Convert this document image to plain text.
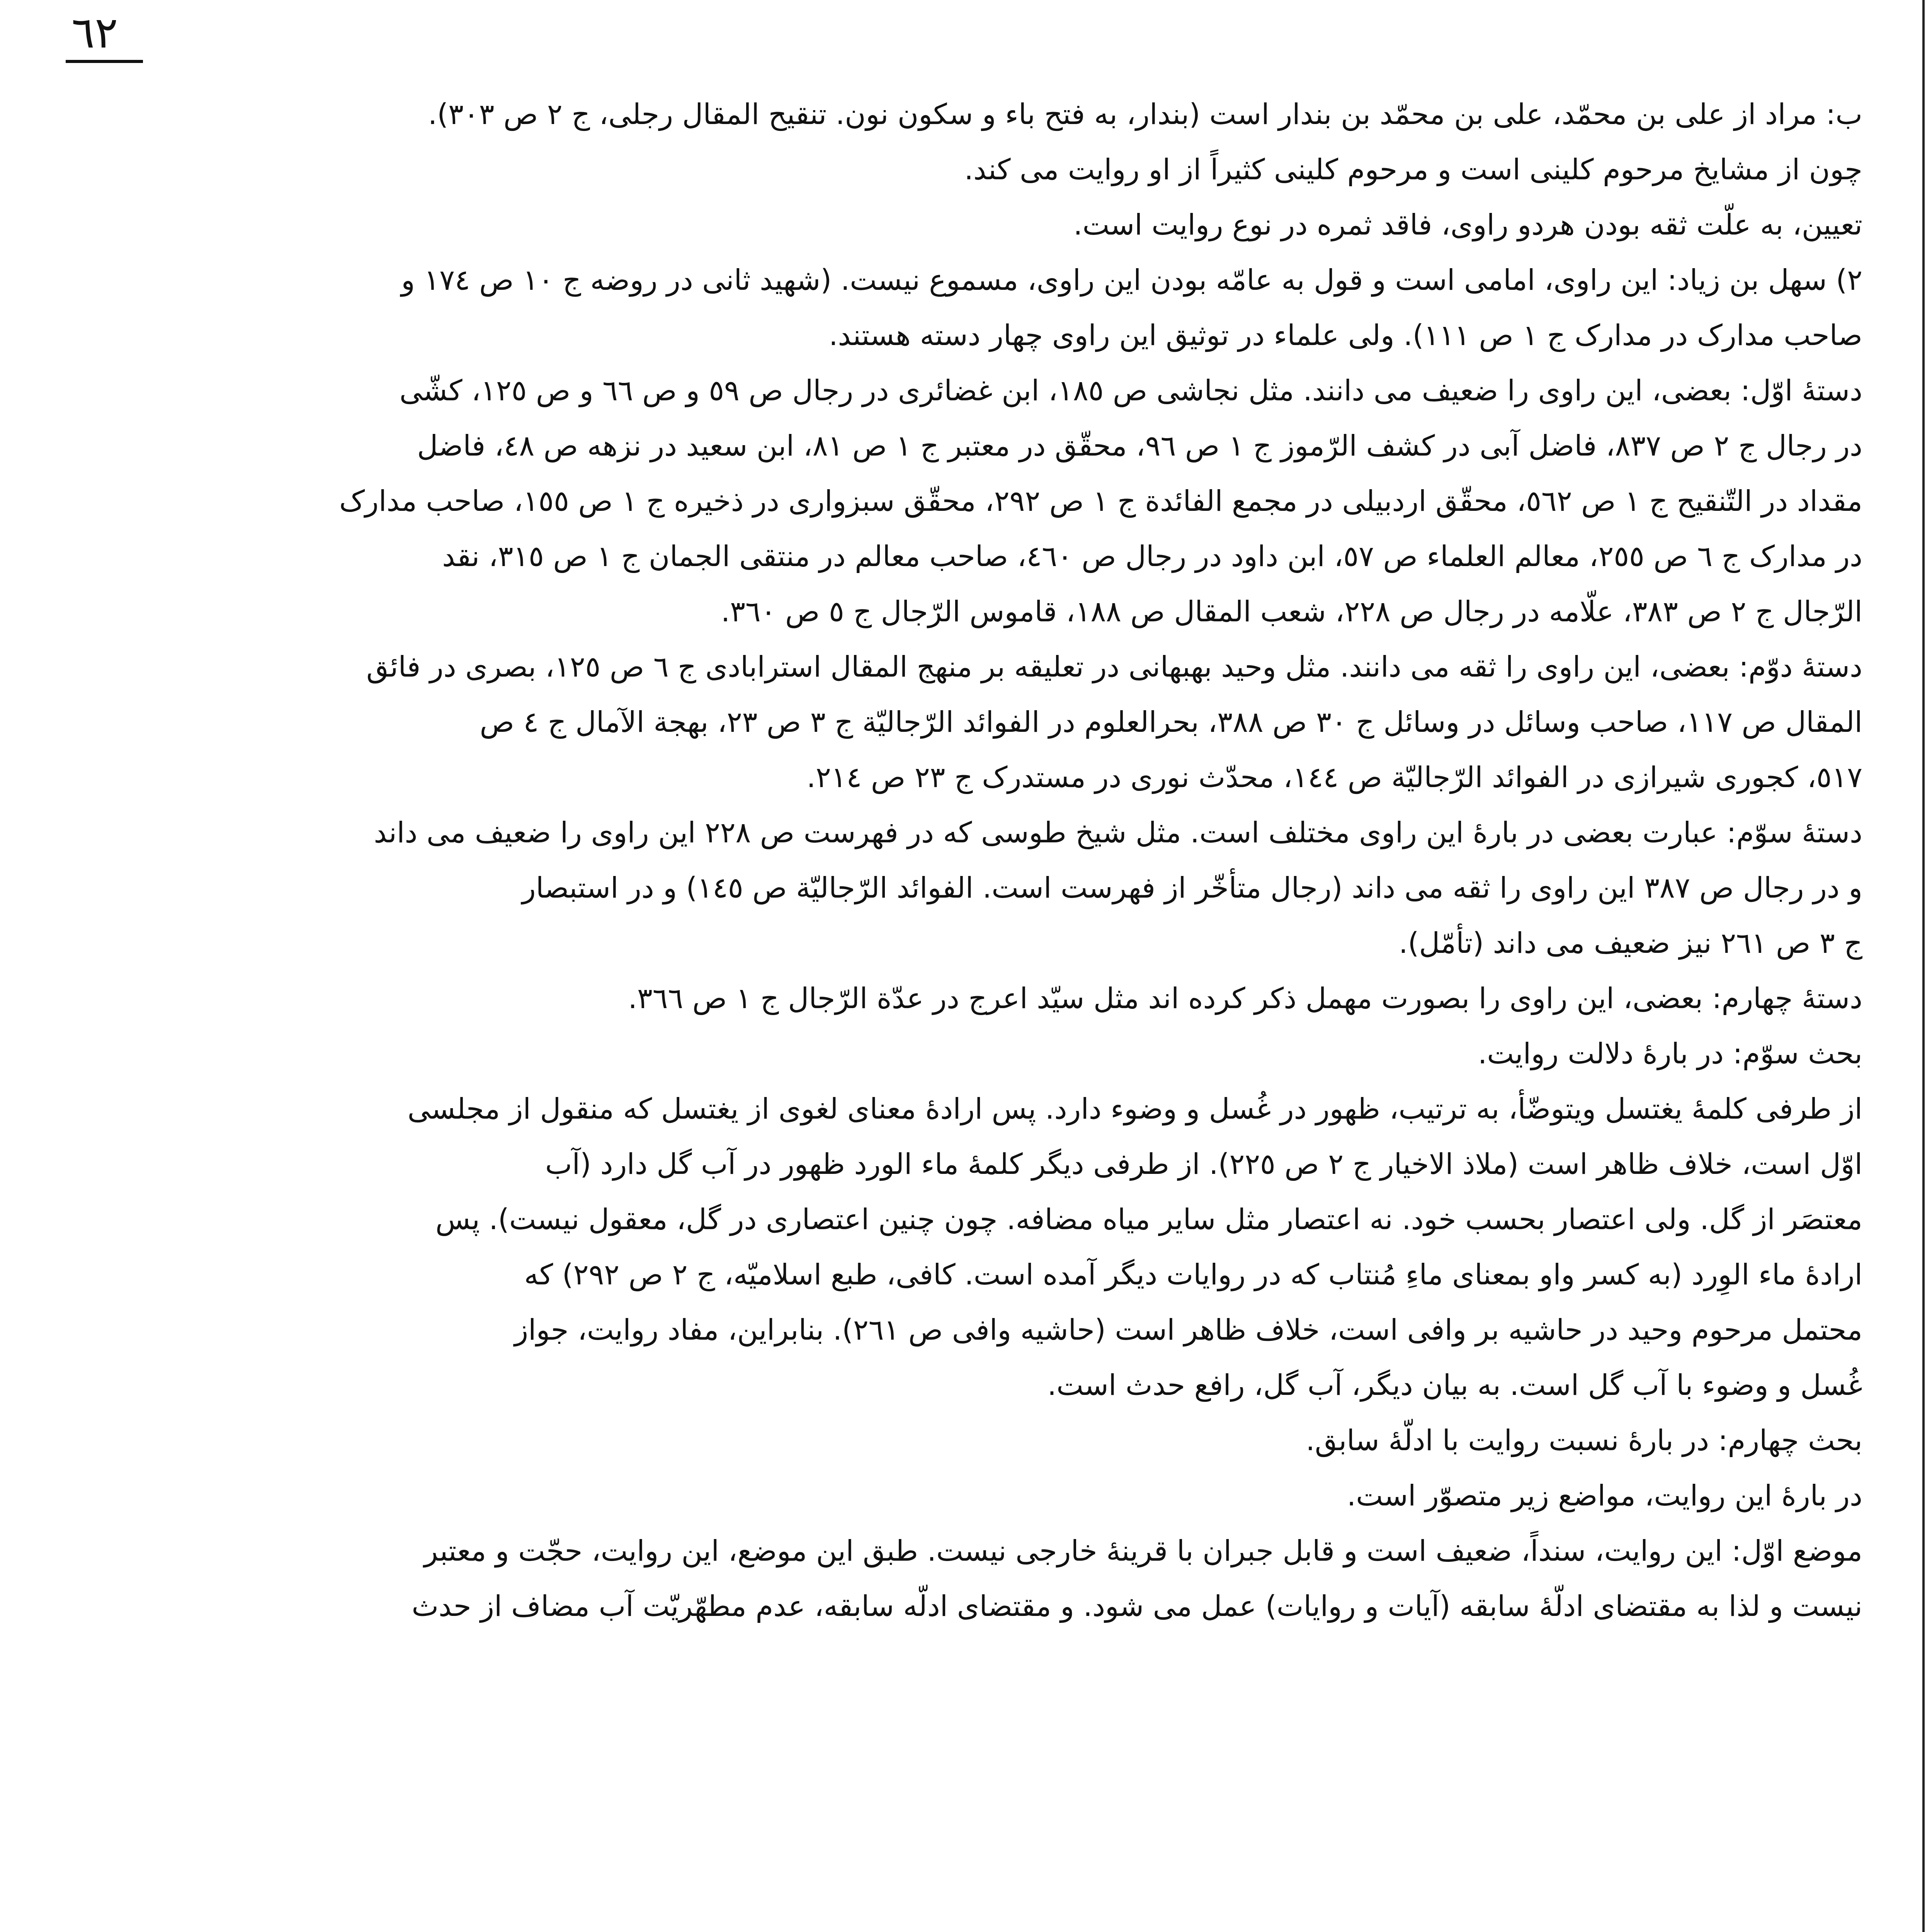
٦٢
ب: مراد از علی بن محمّد، علی بن محمّد بن بندار است (بندار، به فتح باء و سکون نون. تنقیح المقال رجلی، ج ٢ ص ٣٠٣).
چون از مشایخ مرحوم کلینی است و مرحوم کلینی کثیراً از او روایت می کند.
تعیین، به علّت ثقه بودن هردو راوی، فاقد ثمره در نوع روایت است.
٢) سهل بن زیاد: این راوی، امامی است و قول به عامّه بودن این راوی، مسموع نیست. (شهید ثانی در روضه ج ١٠ ص ١٧٤ و
صاحب مدارک در مدارک ج ١ ص ١١١). ولی علماء در توثیق این راوی چهار دسته هستند.
دستهٔ اوّل: بعضی، این راوی را ضعیف می دانند. مثل نجاشی ص ١٨٥، ابن غضائری در رجال ص ٥٩ و ص ٦٦ و ص ١٢٥، کشّی
در رجال ج ٢ ص ٨٣٧، فاضل آبی در کشف الرّموز ج ١ ص ٩٦، محقّق در معتبر ج ١ ص ٨١، ابن سعید در نزهه ص ٤٨، فاضل
مقداد در التّنقیح ج ١ ص ٥٦٢، محقّق اردبیلی در مجمع الفائدة ج ١ ص ٢٩٢، محقّق سبزواری در ذخیره ج ١ ص ١٥٥، صاحب مدارک
در مدارک ج ٦ ص ٢٥٥، معالم العلماء ص ٥٧، ابن داود در رجال ص ٤٦٠، صاحب معالم در منتقی الجمان ج ١ ص ٣١٥، نقد
الرّجال ج ٢ ص ٣٨٣، علّامه در رجال ص ٢٢٨، شعب المقال ص ١٨٨، قاموس الرّجال ج ٥ ص ٣٦٠.
دستهٔ دوّم: بعضی، این راوی را ثقه می دانند. مثل وحید بهبهانی در تعلیقه بر منهج المقال استرابادی ج ٦ ص ١٢٥، بصری در فائق
المقال ص ١١٧، صاحب وسائل در وسائل ج ٣٠ ص ٣٨٨، بحرالعلوم در الفوائد الرّجالیّة ج ٣ ص ٢٣، بهجة الآمال ج ٤ ص
٥١٧، کجوری شیرازی در الفوائد الرّجالیّة ص ١٤٤، محدّث نوری در مستدرک ج ٢٣ ص ٢١٤.
دستهٔ سوّم: عبارت بعضی در بارهٔ این راوی مختلف است. مثل شیخ طوسی که در فهرست ص ٢٢٨ این راوی را ضعیف می داند
و در رجال ص ٣٨٧ این راوی را ثقه می داند (رجال متأخّر از فهرست است. الفوائد الرّجالیّة ص ١٤٥) و در استبصار
ج ٣ ص ٢٦١ نیز ضعیف می داند (تأمّل).
دستهٔ چهارم: بعضی، این راوی را بصورت مهمل ذکر کرده اند مثل سیّد اعرج در عدّة الرّجال ج ١ ص ٣٦٦.
بحث سوّم: در بارهٔ دلالت روایت.
از طرفی کلمهٔ یغتسل ویتوضّأ، به ترتیب، ظهور در غُسل و وضوء دارد. پس ارادهٔ معنای لغوی از یغتسل که منقول از مجلسی
اوّل است، خلاف ظاهر است (ملاذ الاخیار ج ٢ ص ٢٢٥). از طرفی دیگر کلمهٔ ماء الورد ظهور در آب گل دارد (آب
معتصَر از گل. ولی اعتصار بحسب خود. نه اعتصار مثل سایر میاه مضافه. چون چنین اعتصاری در گل، معقول نیست). پس
ارادهٔ ماء الوِرد (به کسر واو بمعنای ماءِ مُنتاب که در روایات دیگر آمده است. کافی، طبع اسلامیّه، ج ٢ ص ٢٩٢) که
محتمل مرحوم وحید در حاشیه بر وافی است، خلاف ظاهر است (حاشیه وافی ص ٢٦١). بنابراین، مفاد روایت، جواز
غُسل و وضوء با آب گل است. به بیان دیگر، آب گل، رافع حدث است.
بحث چهارم: در بارهٔ نسبت روایت با ادلّهٔ سابق.
در بارهٔ این روایت، مواضع زیر متصوّر است.
موضع اوّل: این روایت، سنداً، ضعیف است و قابل جبران با قرینهٔ خارجی نیست. طبق این موضع، این روایت، حجّت و معتبر
نیست و لذا به مقتضای ادلّهٔ سابقه (آیات و روایات) عمل می شود. و مقتضای ادلّه سابقه، عدم مطهّریّت آب مضاف از حدث
